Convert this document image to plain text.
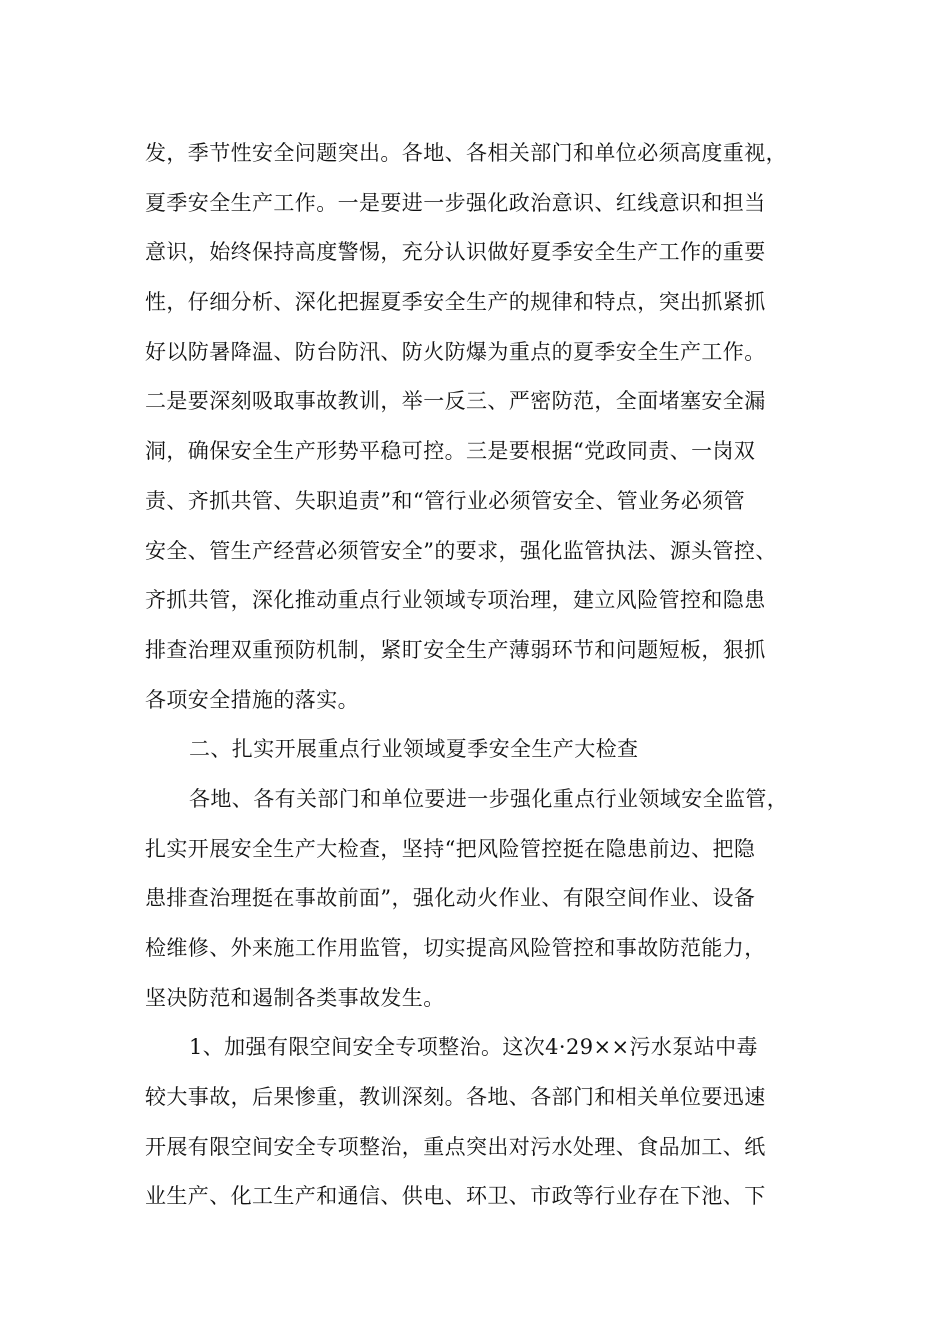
发，季节性安全问题突出。各地、各相关部门和单位必须高度重视，
夏季安全生产工作。一是要进一步强化政治意识、红线意识和担当
意识，始终保持高度警惕，充分认识做好夏季安全生产工作的重要
性，仔细分析、深化把握夏季安全生产的规律和特点，突出抓紧抓
好以防暑降温、防台防汛、防火防爆为重点的夏季安全生产工作。
二是要深刻吸取事故教训，举一反三、严密防范，全面堵塞安全漏
洞，确保安全生产形势平稳可控。三是要根据“党政同责、一岗双
责、齐抓共管、失职追责”和“管行业必须管安全、管业务必须管
安全、管生产经营必须管安全”的要求，强化监管执法、源头管控、
齐抓共管，深化推动重点行业领域专项治理，建立风险管控和隐患
排查治理双重预防机制，紧盯安全生产薄弱环节和问题短板，狠抓
各项安全措施的落实。
二、扎实开展重点行业领域夏季安全生产大检查
各地、各有关部门和单位要进一步强化重点行业领域安全监管，
扎实开展安全生产大检查，坚持“把风险管控挺在隐患前边、把隐
患排查治理挺在事故前面”，强化动火作业、有限空间作业、设备
检维修、外来施工作用监管，切实提高风险管控和事故防范能力，
坚决防范和遏制各类事故发生。
1、加强有限空间安全专项整治。这次4·29××污水泵站中毒
较大事故，后果惨重，教训深刻。各地、各部门和相关单位要迅速
开展有限空间安全专项整治，重点突出对污水处理、食品加工、纸
业生产、化工生产和通信、供电、环卫、市政等行业存在下池、下
